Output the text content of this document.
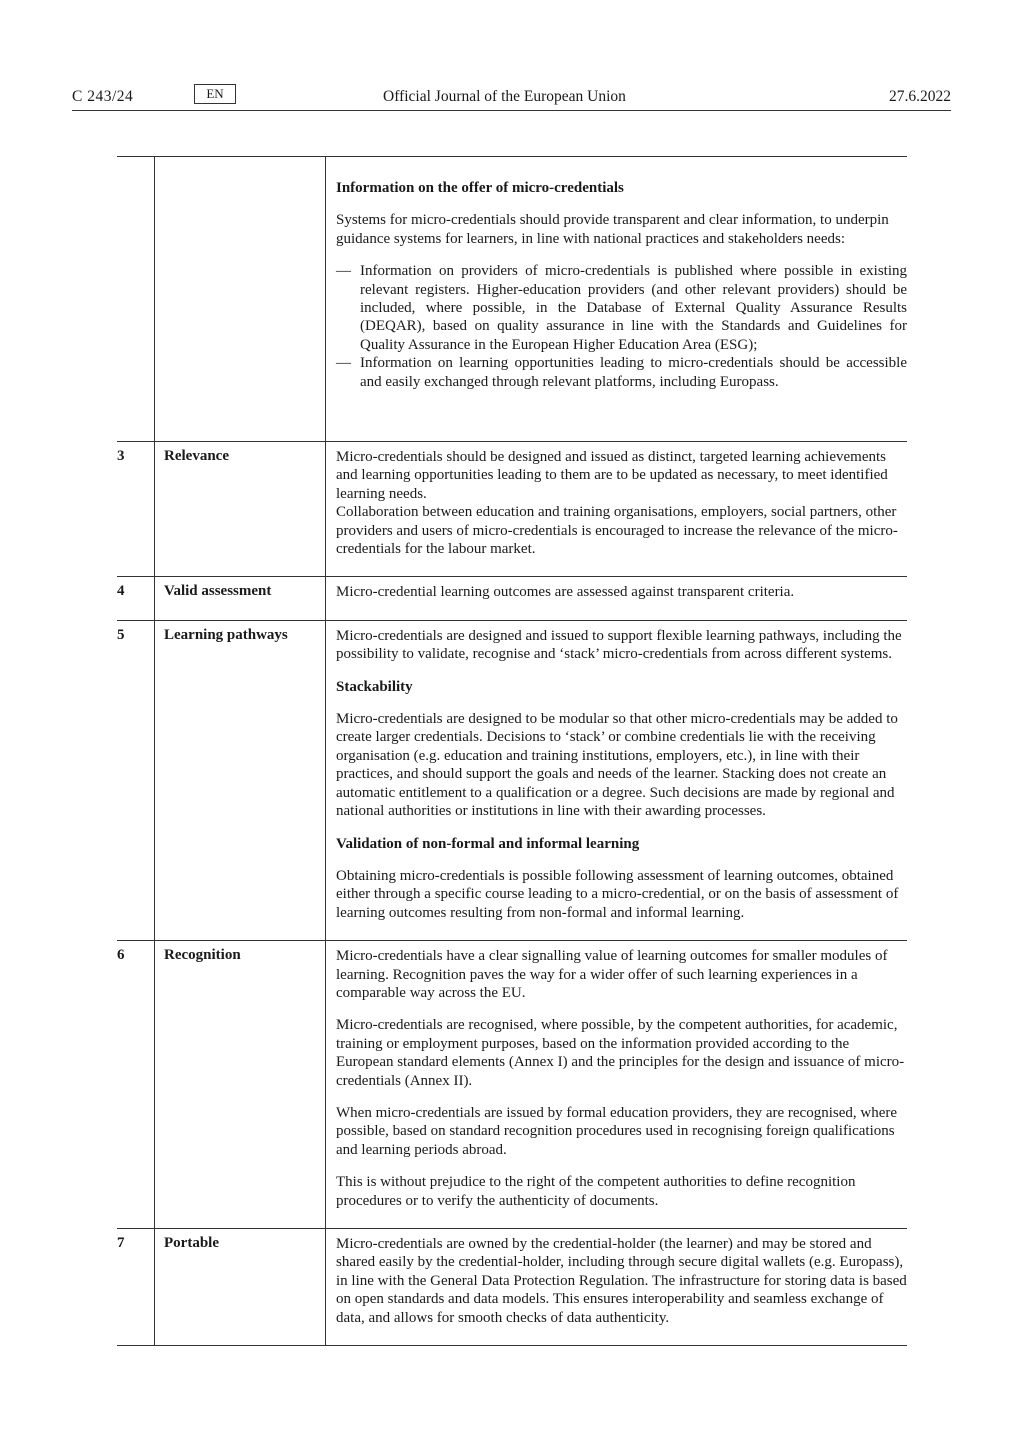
C 243/24	EN	Official Journal of the European Union	27.6.2022

Information on the offer of micro-credentials

Systems for micro-credentials should provide transparent and clear information, to underpin guidance systems for learners, in line with national practices and stakeholders needs:

— Information on providers of micro-credentials is published where possible in existing relevant registers. Higher-education providers (and other relevant providers) should be included, where possible, in the Database of External Quality Assurance Results (DEQAR), based on quality assurance in line with the Standards and Guidelines for Quality Assurance in the European Higher Education Area (ESG);
— Information on learning opportunities leading to micro-credentials should be accessible and easily exchanged through relevant platforms, including Europass.
3	Relevance	Micro-credentials should be designed and issued as distinct, targeted learning achievements and learning opportunities leading to them are to be updated as necessary, to meet identified learning needs.

Collaboration between education and training organisations, employers, social partners, other providers and users of micro-credentials is encouraged to increase the relevance of the micro-credentials for the labour market.

4	Valid assessment	Micro-credential learning outcomes are assessed against transparent criteria.

5	Learning pathways	Micro-credentials are designed and issued to support flexible learning pathways, including the possibility to validate, recognise and ‘stack’ micro-credentials from across different systems.

Stackability

Micro-credentials are designed to be modular so that other micro-credentials may be added to create larger credentials. Decisions to ‘stack’ or combine credentials lie with the receiving organisation (e.g. education and training institutions, employers, etc.), in line with their practices, and should support the goals and needs of the learner. Stacking does not create an automatic entitlement to a qualification or a degree. Such decisions are made by regional and national authorities or institutions in line with their awarding processes.

Validation of non-formal and informal learning

Obtaining micro-credentials is possible following assessment of learning outcomes, obtained either through a specific course leading to a micro-credential, or on the basis of assessment of learning outcomes resulting from non-formal and informal learning.

6	Recognition	Micro-credentials have a clear signalling value of learning outcomes for smaller modules of learning. Recognition paves the way for a wider offer of such learning experiences in a comparable way across the EU.

Micro-credentials are recognised, where possible, by the competent authorities, for academic, training or employment purposes, based on the information provided according to the European standard elements (Annex I) and the principles for the design and issuance of micro-credentials (Annex II).

When micro-credentials are issued by formal education providers, they are recognised, where possible, based on standard recognition procedures used in recognising foreign qualifications and learning periods abroad.

This is without prejudice to the right of the competent authorities to define recognition procedures or to verify the authenticity of documents.

7	Portable	Micro-credentials are owned by the credential-holder (the learner) and may be stored and shared easily by the credential-holder, including through secure digital wallets (e.g. Europass), in line with the General Data Protection Regulation. The infrastructure for storing data is based on open standards and data models. This ensures interoperability and seamless exchange of data, and allows for smooth checks of data authenticity.
